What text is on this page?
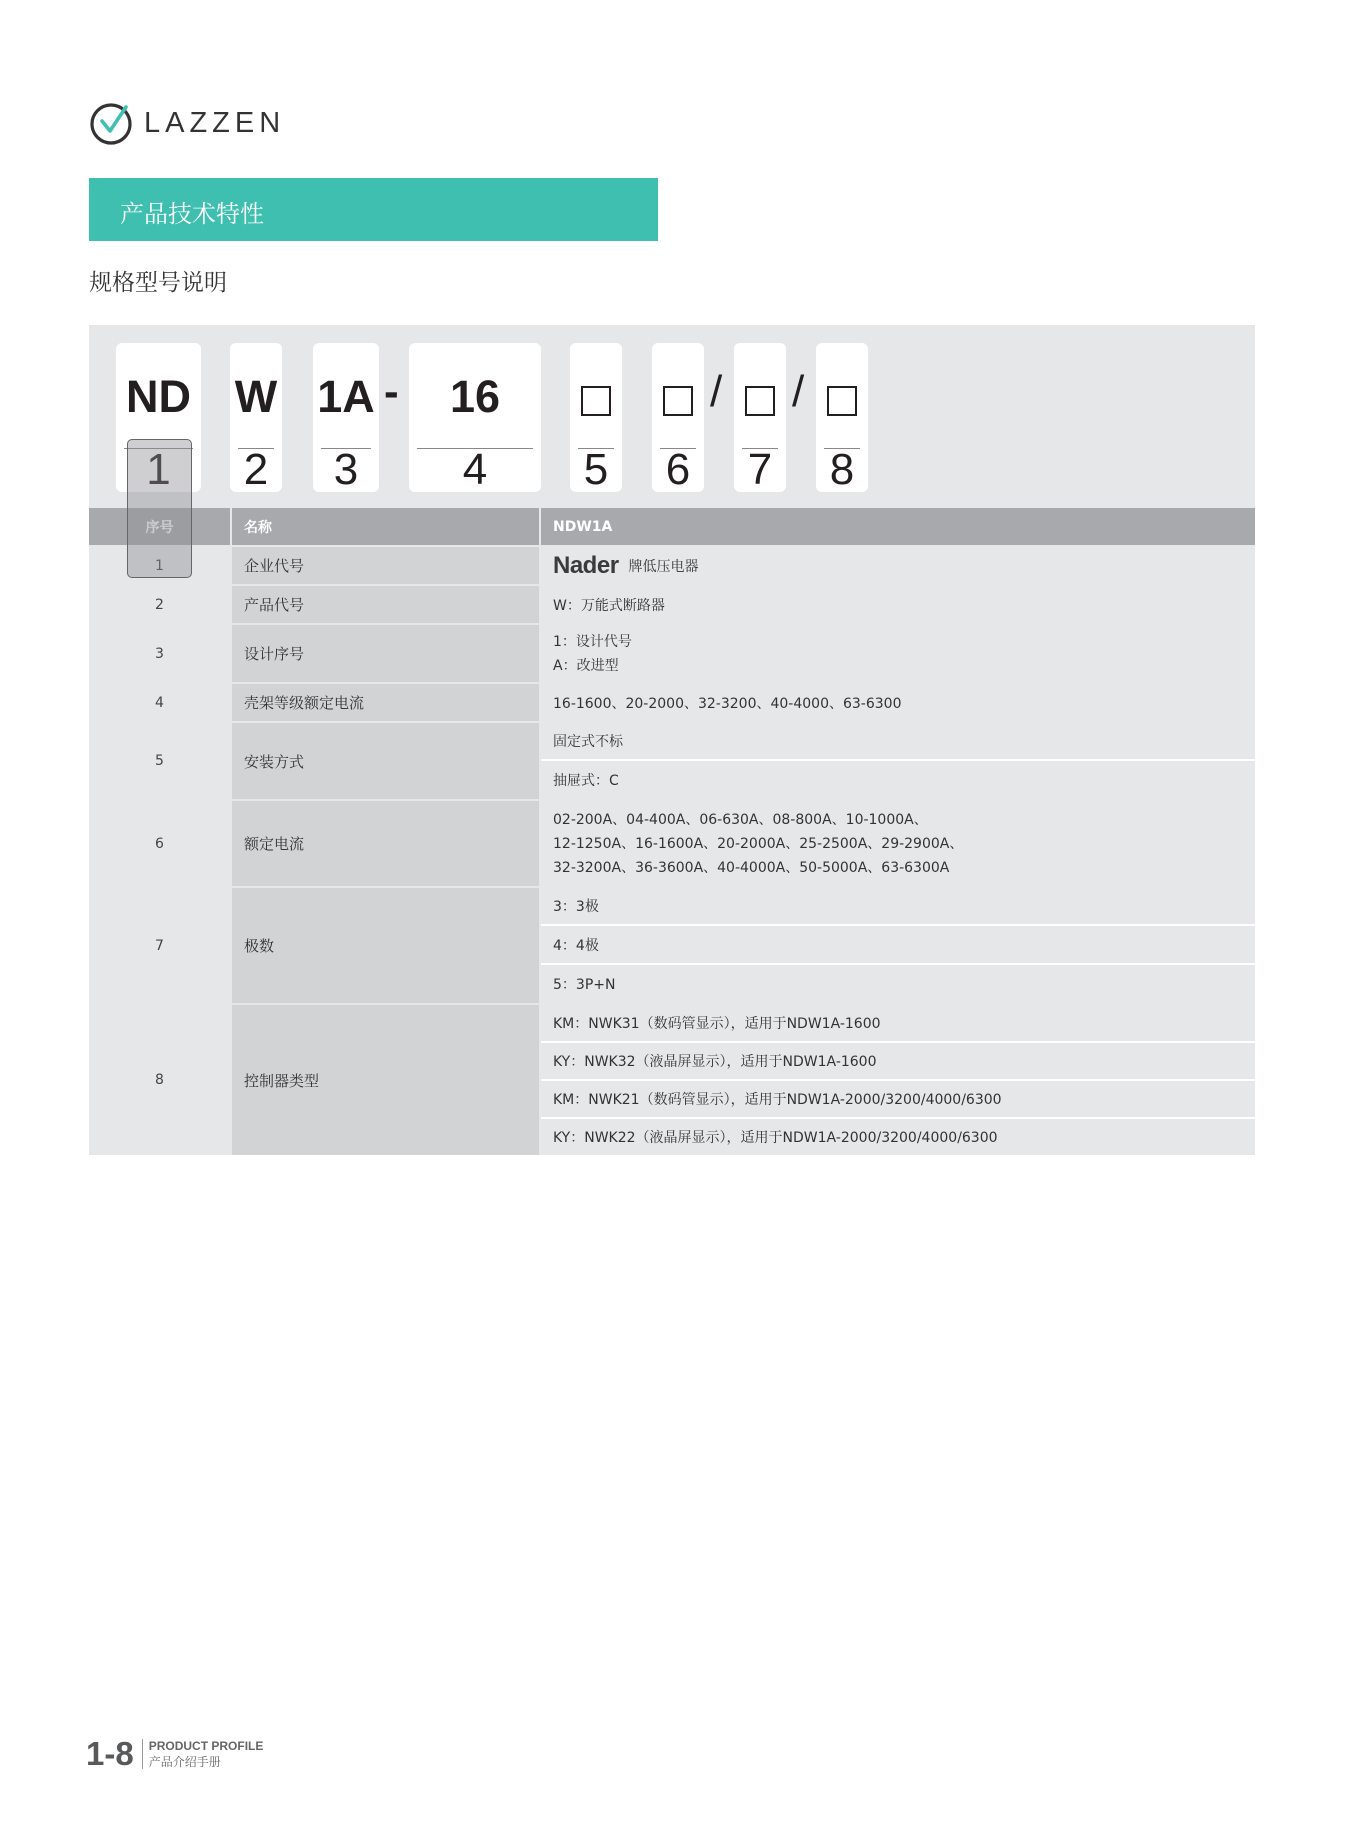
LAZZEN
产品技术特性
规格型号说明
ND
1
W
2
1A
3
-	16
4	5	6
/
7
/
8
序号	名称	NDW1A
1	企业代号	Nader 牌低压电器
2	产品代号	W：万能式断路器
3	设计序号
1：设计代号
A：改进型
4	壳架等级额定电流	16-1600、20-2000、32-3200、40-4000、63-6300
5	安装方式
固定式不标
抽屉式：C
6	额定电流
02-200A、04-400A、06-630A、08-800A、10-1000A、
12-1250A、16-1600A、20-2000A、25-2500A、29-2900A、
32-3200A、36-3600A、40-4000A、50-5000A、63-6300A
7	极数
3：3极
4：4极
5：3P+N
8	控制器类型
KM：NWK31（数码管显示），适用于NDW1A-1600
KY：NWK32（液晶屏显示），适用于NDW1A-1600
KM：NWK21（数码管显示），适用于NDW1A-2000/3200/4000/6300
KY：NWK22（液晶屏显示），适用于NDW1A-2000/3200/4000/6300
1-8 PRODUCT PROFILE
产品介绍手册
